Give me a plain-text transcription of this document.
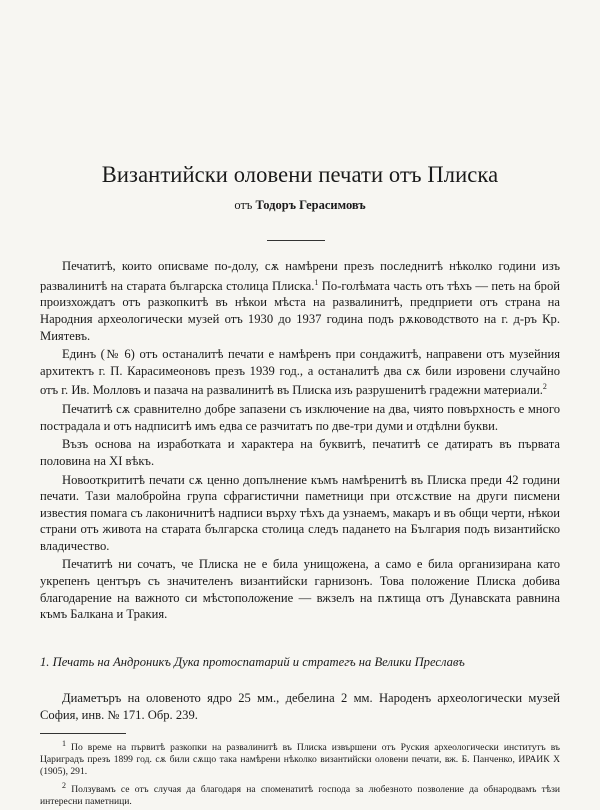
Византийски оловени печати отъ Плиска
отъ Тодоръ Герасимовъ

Печатитѣ, които описваме по-долу, сѫ намѣрени презъ последнитѣ нѣколко години изъ развалинитѣ на старата българска столица Плиска.$^1$ По-голѣмата часть отъ тѣхъ — петь на брой произхождатъ отъ разкопкитѣ въ нѣкои мѣста на развалинитѣ, предприети отъ страна на Народния археологически музей отъ 1930 до 1937 година подъ рѫководството на г. д-ръ Кр. Миятевъ.

Единъ (№ 6) отъ останалитѣ печати е намѣренъ при сондажитѣ, направени отъ музейния архитектъ г. П. Карасимеоновъ презъ 1939 год., а останалитѣ два сѫ били изровени случайно отъ г. Ив. Молловъ и пазача на развалинитѣ въ Плиска изъ разрушенитѣ градежни материали.$^2$

Печатитѣ сѫ сравнително добре запазени съ изключение на два, чиято повърхность е много пострадала и отъ надписитѣ имъ едва се разчитатъ по две-три думи и отдѣлни букви.

Възъ основа на изработката и характера на буквитѣ, печатитѣ се датиратъ въ първата половина на XI вѣкъ.

Новооткрититѣ печати сѫ ценно допълнение къмъ намѣренитѣ въ Плиска преди 42 години печати. Тази малобройна група сфрагистични паметници при отсѫствие на други писмени известия помага съ лаконичнитѣ надписи върху тѣхъ да узнаемъ, макаръ и въ общи черти, нѣкои страни отъ живота на старата българска столица следъ падането на България подъ византийско владичество.

Печатитѣ ни сочатъ, че Плиска не е била унищожена, а само е била организирана като укрепенъ центъръ съ значителенъ византийски гарнизонъ. Това положение Плиска добива благодарение на важното си мѣстоположение — вжзелъ на пѫтища отъ Дунавската равнина къмъ Балкана и Тракия.

1. Печать на Андроникъ Дука протоспатарий и стратегъ на Велики Преславъ

Диаметъръ на оловеното ядро 25 мм., дебелина 2 мм. Народенъ археологически музей София, инв. № 171. Обр. 239.

$^1$ По време на първитѣ разкопки на развалинитѣ въ Плиска извършени отъ Руския археологически институтъ въ Цариградъ презъ 1899 год. сѫ били сѫщо така намѣрени нѣколко византийски оловени печати, вж. Б. Панченко, ИРАИК X (1905), 291.

$^2$ Ползувамъ се отъ случая да благодаря на споменатитѣ господа за любезното позволение да обнародвамъ тѣзи интересни паметници.
